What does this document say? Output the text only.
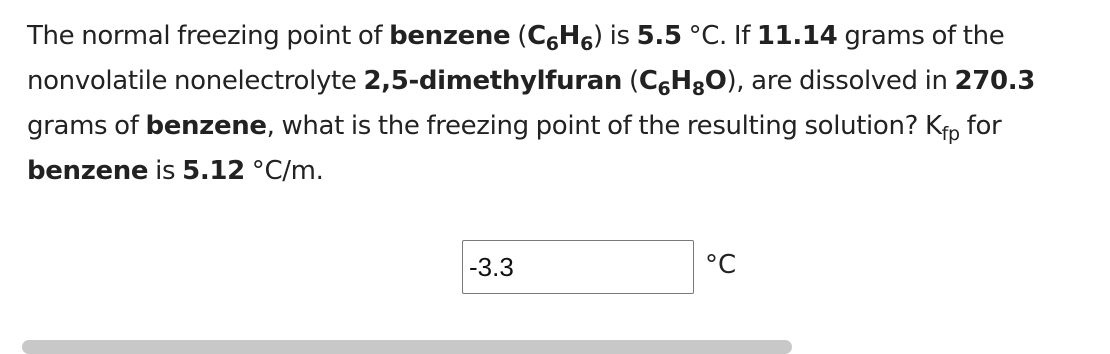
The normal freezing point of benzene $(C_6H_6)$ is 5.5 °C. If 11.14 grams of the
nonvolatile nonelectrolyte 2,5-dimethylfuran $(C_6H_8O)$, are dissolved in 270.3
grams of benzene, what is the freezing point of the resulting solution? $K_{fp}$ for
benzene is 5.12 °C/m.
-3.3
°C
